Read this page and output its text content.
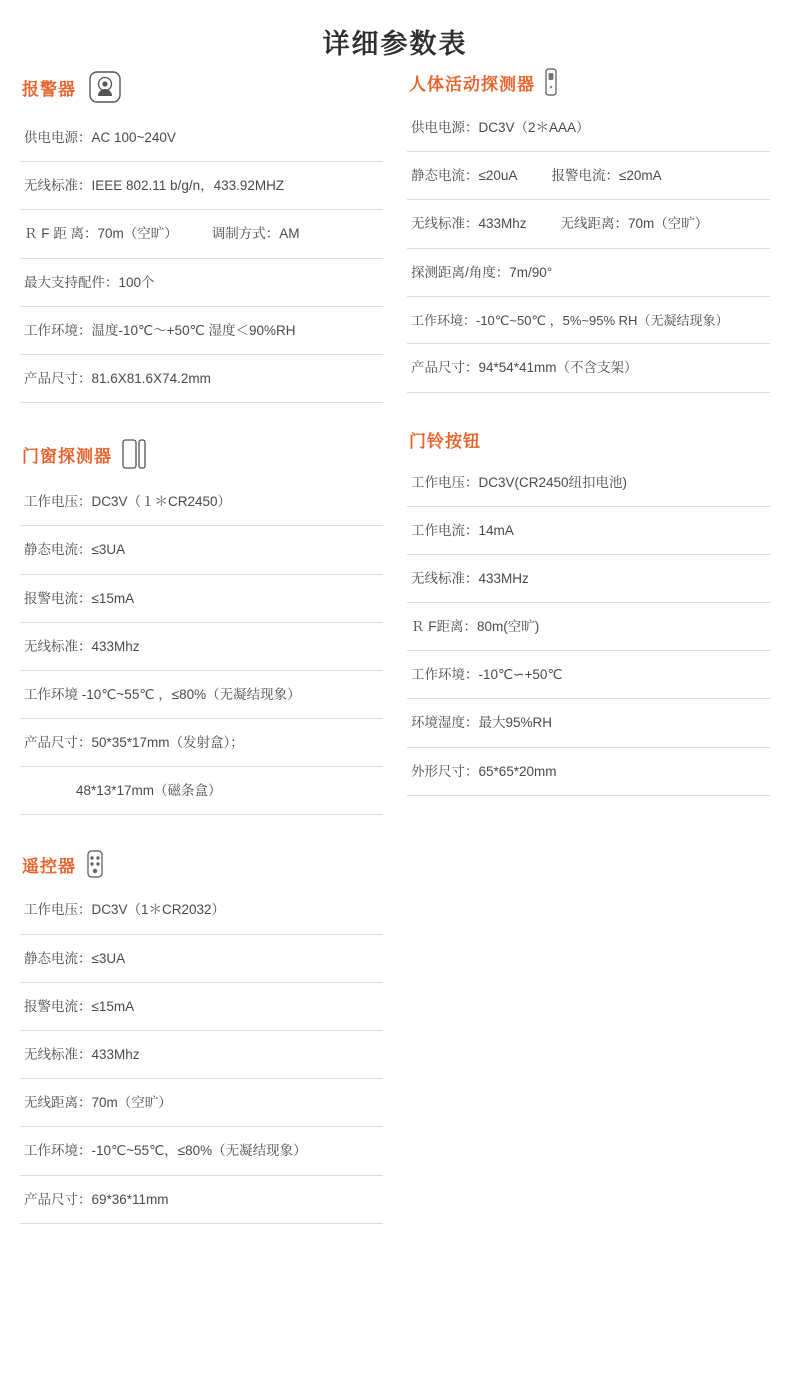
详细参数表
报警器
供电电源：AC 100~240V
无线标准：IEEE 802.11 b/g/n，433.92MHZ
Ｒ F 距 离：70m（空旷）	调制方式：AM
最大支持配件：100个
工作环境：温度-10℃～+50℃ 湿度＜90%RH
产品尺寸：81.6X81.6X74.2mm
门窗探测器
工作电压：DC3V（１＊CR2450）
静态电流：≤3UA
报警电流：≤15mA
无线标准：433Mhz
工作环境 -10℃~55℃ ，≤80%（无凝结现象）
产品尺寸：50*35*17mm（发射盒）；
48*13*17mm（磁条盒）
遥控器
工作电压：DC3V（1＊CR2032）
静态电流：≤3UA
报警电流：≤15mA
无线标准：433Mhz
无线距离：70m（空旷）
工作环境：-10℃~55℃，≤80%（无凝结现象）
产品尺寸：69*36*11mm
人体活动探测器
供电电源：DC3V（2＊AAA）
静态电流：≤20uA	报警电流：≤20mA
无线标准：433Mhz	无线距离：70m（空旷）
探测距离/角度：7m/90°
工作环境：-10℃~50℃ ，5%~95% RH（无凝结现象）
产品尺寸：94*54*41mm（不含支架）
门铃按钮
工作电压：DC3V(CR2450纽扣电池)
工作电流：14mA
无线标准：433MHz
Ｒ F距离：80m(空旷)
工作环境：-10℃∽+50℃
环境湿度：最大95%RH
外形尺寸：65*65*20mm
